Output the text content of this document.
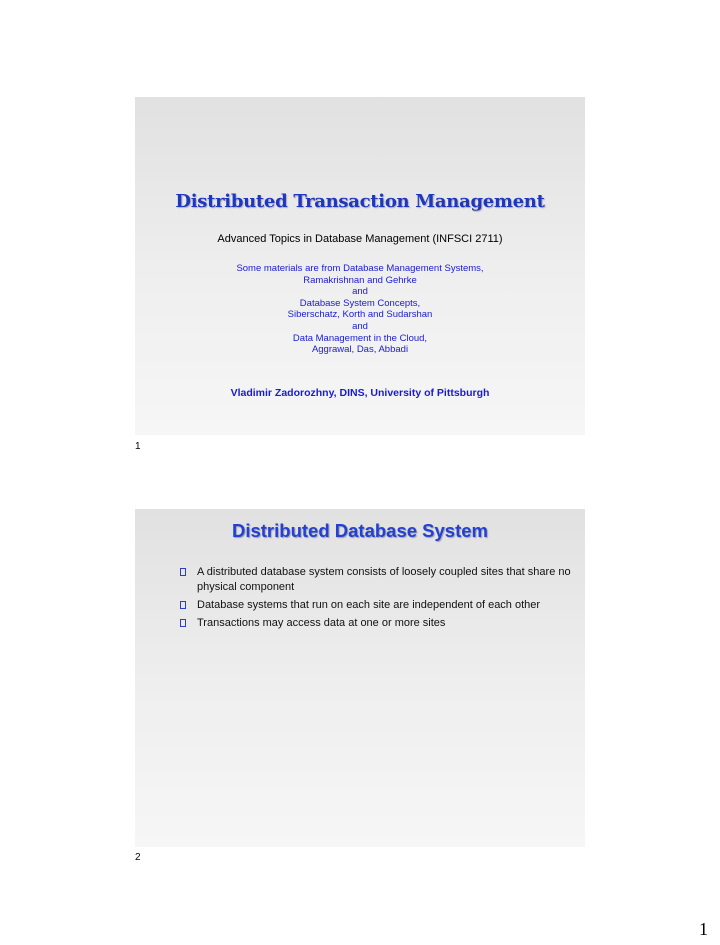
Distributed Transaction Management
Advanced Topics in Database Management (INFSCI 2711)
Some materials are from Database Management Systems,
Ramakrishnan and Gehrke
and
Database System Concepts,
Siberschatz, Korth and Sudarshan
and
Data Management in the Cloud,
Aggrawal, Das, Abbadi
Vladimir Zadorozhny, DINS, University of Pittsburgh
1
Distributed Database System
A distributed database system consists of loosely coupled sites that share no physical component
Database systems that run on each site are independent of each other
Transactions may access data at one or more sites
2
1
